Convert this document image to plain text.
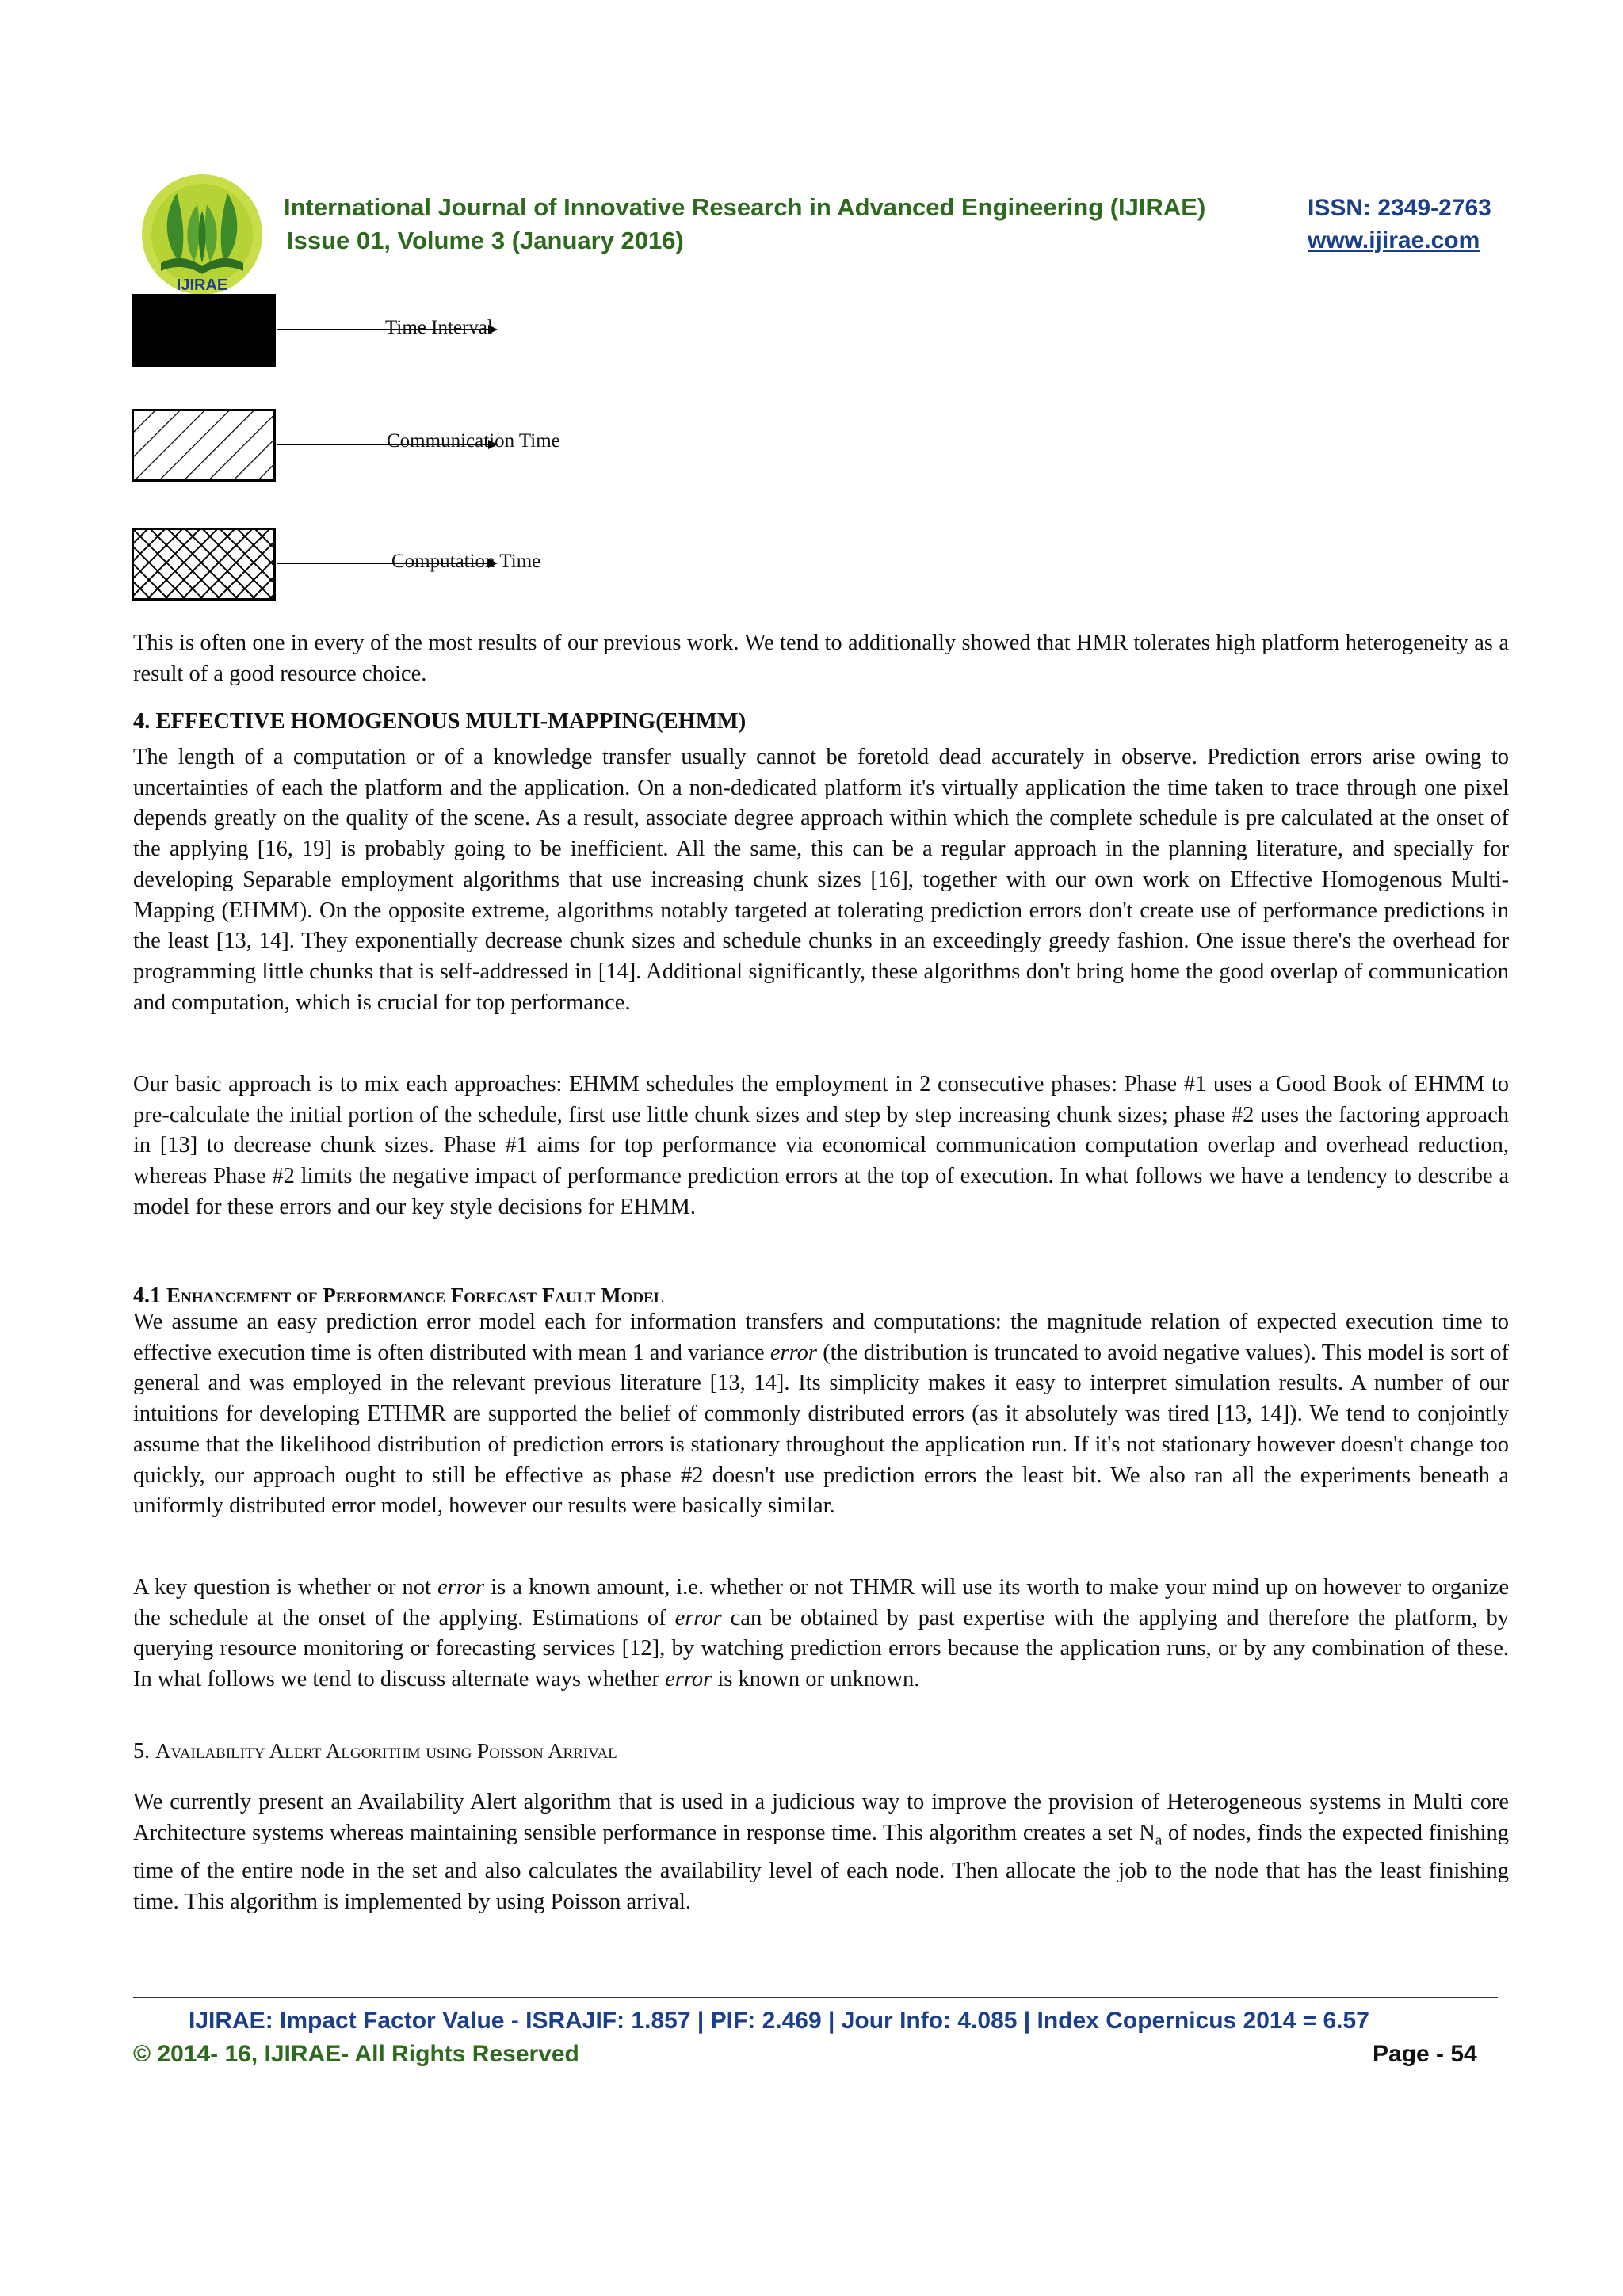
IJIRAE
International Journal of Innovative Research in Advanced Engineering (IJIRAE)
Issue 01, Volume 3 (January 2016)
ISSN: 2349-2763
www.ijirae.com
Time Interval
Communication Time
Computation Time

This is often one in every of the most results of our previous work. We tend to additionally showed that HMR tolerates high platform heterogeneity as a result of a good resource choice.

4. EFFECTIVE HOMOGENOUS MULTI-MAPPING(EHMM)

The length of a computation or of a knowledge transfer usually cannot be foretold dead accurately in observe. Prediction errors arise owing to uncertainties of each the platform and the application. On a non-dedicated platform it's virtually application the time taken to trace through one pixel depends greatly on the quality of the scene. As a result, associate degree approach within which the complete schedule is pre calculated at the onset of the applying [16, 19] is probably going to be inefficient. All the same, this can be a regular approach in the planning literature, and specially for developing Separable employment algorithms that use increasing chunk sizes [16], together with our own work on Effective Homogenous Multi-Mapping (EHMM). On the opposite extreme, algorithms notably targeted at tolerating prediction errors don't create use of performance predictions in the least [13, 14]. They exponentially decrease chunk sizes and schedule chunks in an exceedingly greedy fashion. One issue there's the overhead for programming little chunks that is self-addressed in [14]. Additional significantly, these algorithms don't bring home the good overlap of communication and computation, which is crucial for top performance.

Our basic approach is to mix each approaches: EHMM schedules the employment in 2 consecutive phases: Phase #1 uses a Good Book of EHMM to pre-calculate the initial portion of the schedule, first use little chunk sizes and step by step increasing chunk sizes; phase #2 uses the factoring approach in [13] to decrease chunk sizes. Phase #1 aims for top performance via economical communication computation overlap and overhead reduction, whereas Phase #2 limits the negative impact of performance prediction errors at the top of execution. In what follows we have a tendency to describe a model for these errors and our key style decisions for EHMM.

4.1 Enhancement of Performance Forecast Fault Model

We assume an easy prediction error model each for information transfers and computations: the magnitude relation of expected execution time to effective execution time is often distributed with mean 1 and variance error (the distribution is truncated to avoid negative values). This model is sort of general and was employed in the relevant previous literature [13, 14]. Its simplicity makes it easy to interpret simulation results. A number of our intuitions for developing ETHMR are supported the belief of commonly distributed errors (as it absolutely was tired [13, 14]). We tend to conjointly assume that the likelihood distribution of prediction errors is stationary throughout the application run. If it's not stationary however doesn't change too quickly, our approach ought to still be effective as phase #2 doesn't use prediction errors the least bit. We also ran all the experiments beneath a uniformly distributed error model, however our results were basically similar.

A key question is whether or not error is a known amount, i.e. whether or not THMR will use its worth to make your mind up on however to organize the schedule at the onset of the applying. Estimations of error can be obtained by past expertise with the applying and therefore the platform, by querying resource monitoring or forecasting services [12], by watching prediction errors because the application runs, or by any combination of these. In what follows we tend to discuss alternate ways whether error is known or unknown.

5. Availability Alert Algorithm using Poisson Arrival

We currently present an Availability Alert algorithm that is used in a judicious way to improve the provision of Heterogeneous systems in Multi core Architecture systems whereas maintaining sensible performance in response time. This algorithm creates a set $N_a$ of nodes, finds the expected finishing time of the entire node in the set and also calculates the availability level of each node. Then allocate the job to the node that has the least finishing time. This algorithm is implemented by using Poisson arrival.

IJIRAE: Impact Factor Value - ISRAJIF: 1.857 | PIF: 2.469 | Jour Info: 4.085 | Index Copernicus 2014 = 6.57
© 2014- 16, IJIRAE- All Rights Reserved	Page - 54
